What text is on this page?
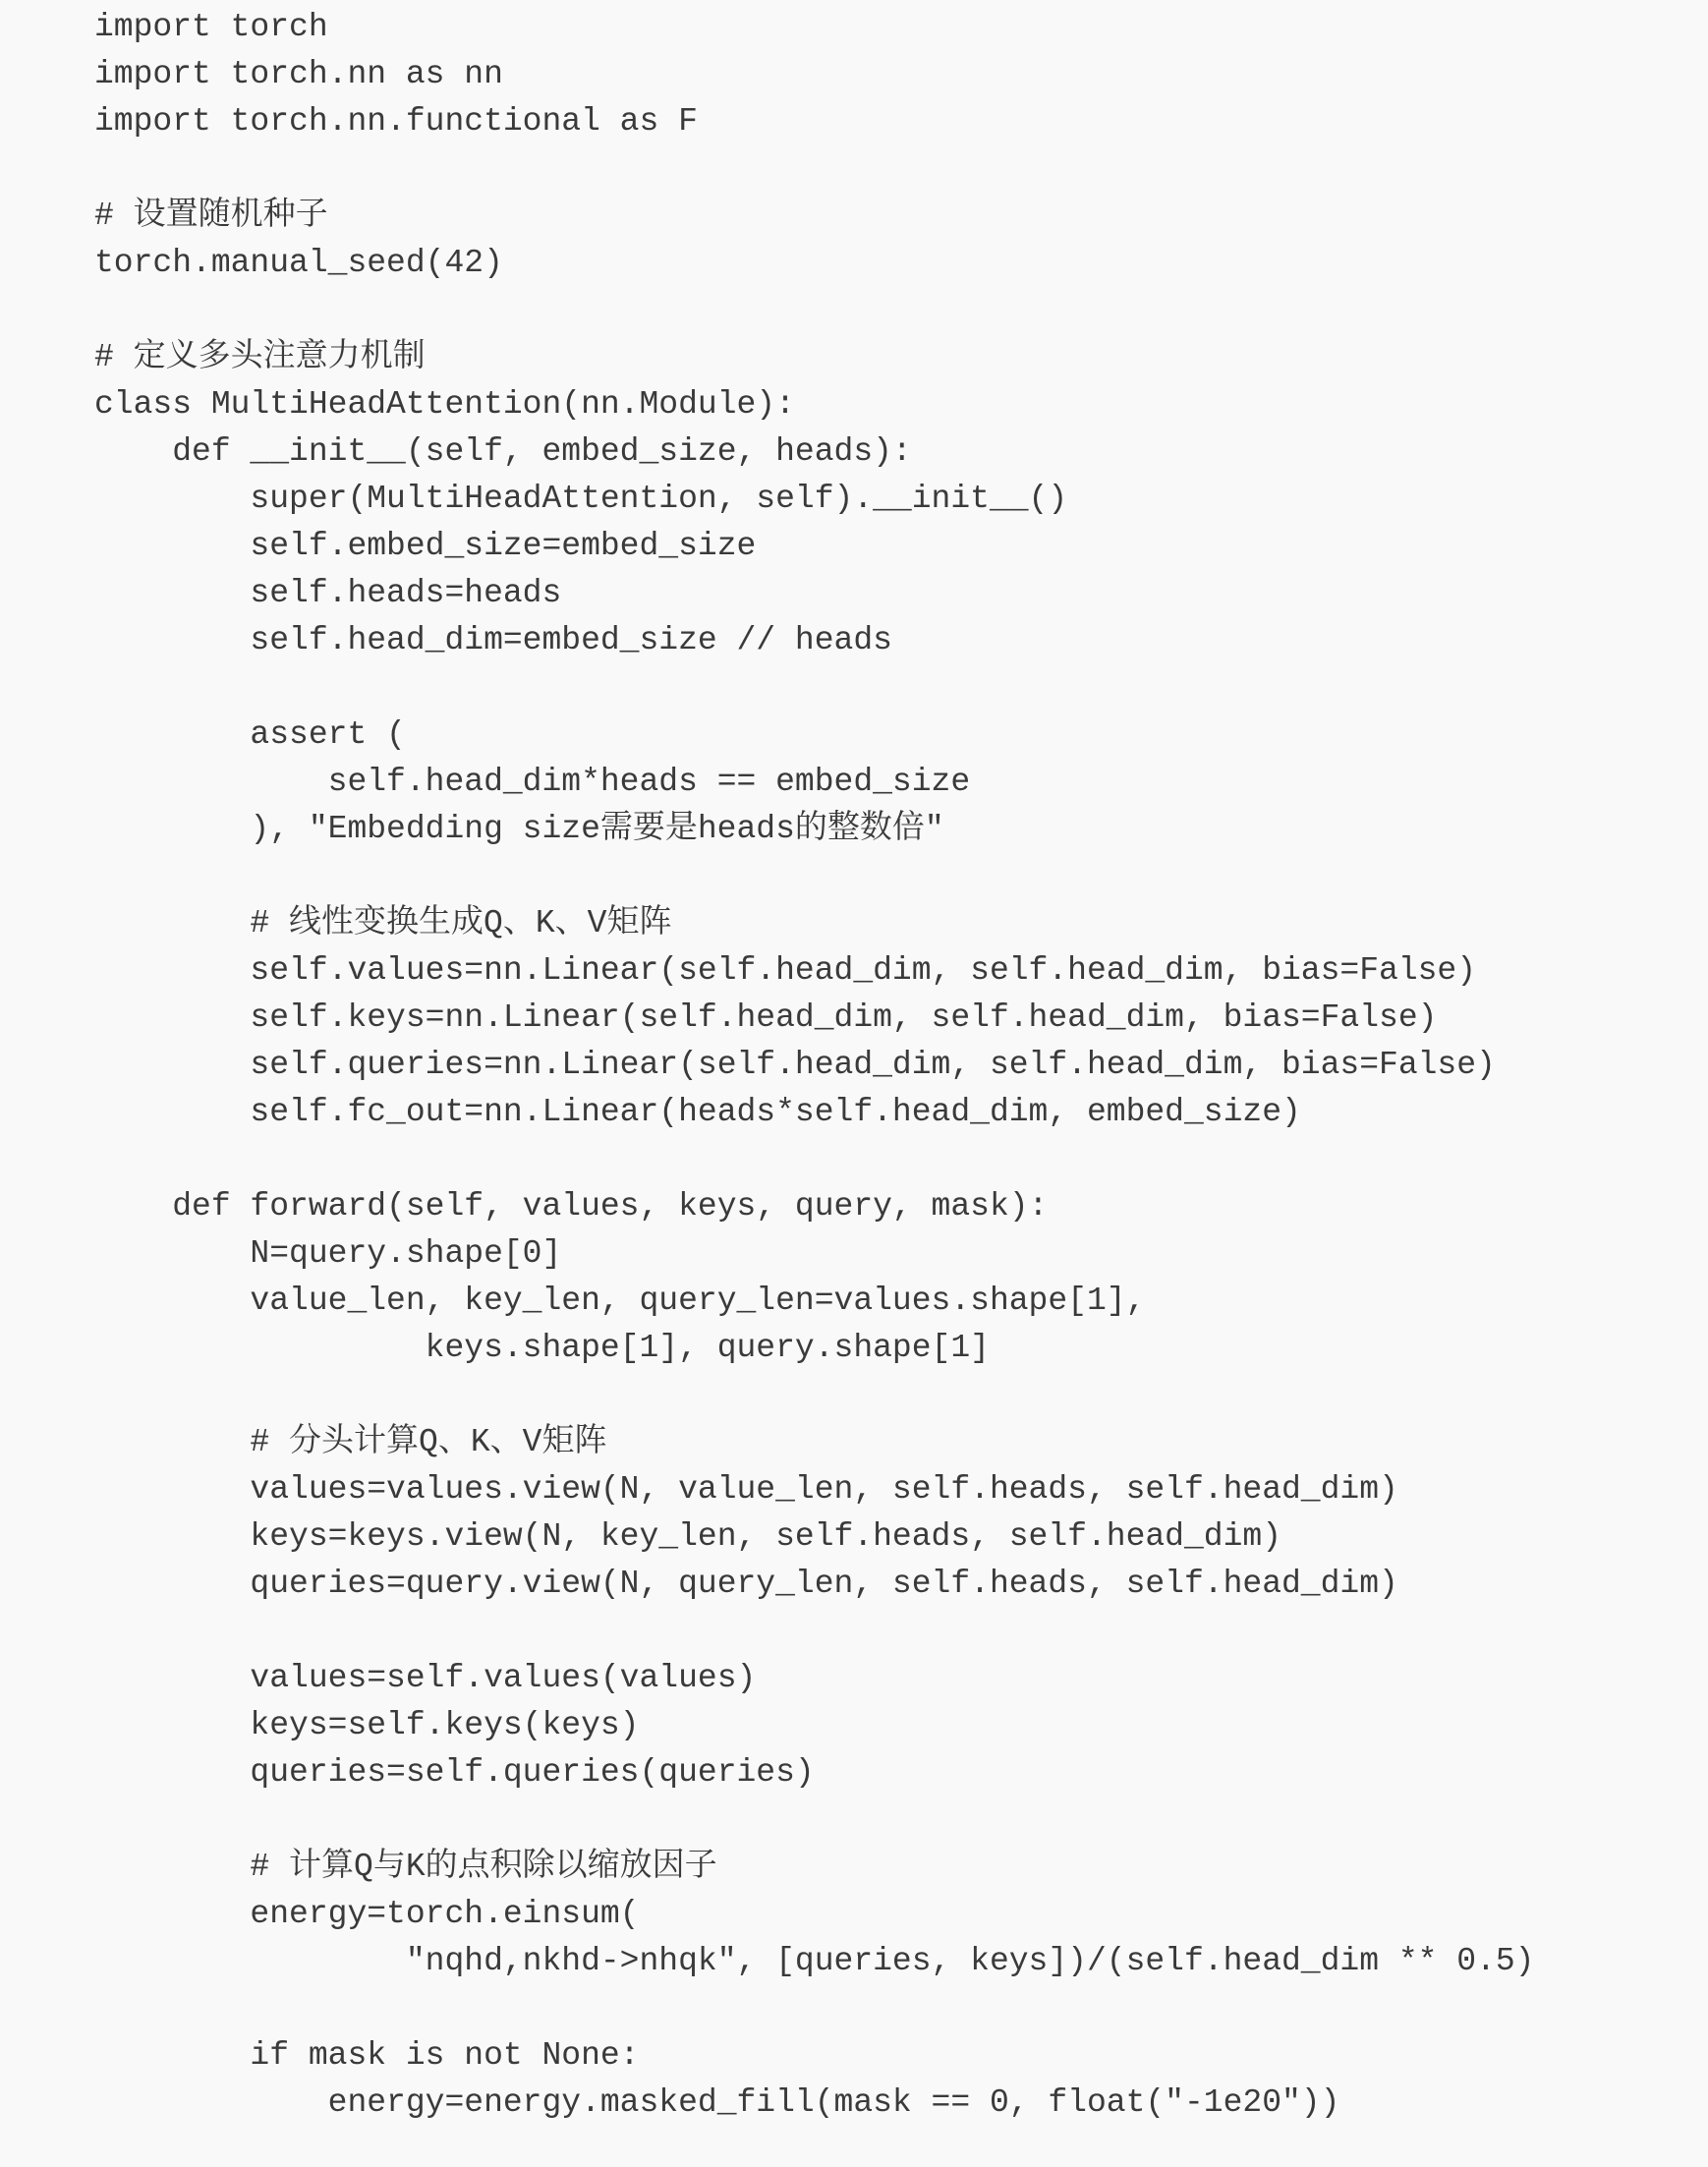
import torch
import torch.nn as nn
import torch.nn.functional as F
# 设置随机种子
torch.manual_seed(42)
# 定义多头注意力机制
class MultiHeadAttention(nn.Module):
def __init__(self, embed_size, heads):
super(MultiHeadAttention, self).__init__()
self.embed_size=embed_size
self.heads=heads
self.head_dim=embed_size // heads
assert (
self.head_dim*heads == embed_size
), "Embedding size需要是heads的整数倍"
# 线性变换生成Q、K、V矩阵
self.values=nn.Linear(self.head_dim, self.head_dim, bias=False)
self.keys=nn.Linear(self.head_dim, self.head_dim, bias=False)
self.queries=nn.Linear(self.head_dim, self.head_dim, bias=False)
self.fc_out=nn.Linear(heads*self.head_dim, embed_size)
def forward(self, values, keys, query, mask):
N=query.shape[0]
value_len, key_len, query_len=values.shape[1],
keys.shape[1], query.shape[1]
# 分头计算Q、K、V矩阵
values=values.view(N, value_len, self.heads, self.head_dim)
keys=keys.view(N, key_len, self.heads, self.head_dim)
queries=query.view(N, query_len, self.heads, self.head_dim)
values=self.values(values)
keys=self.keys(keys)
queries=self.queries(queries)
# 计算Q与K的点积除以缩放因子
energy=torch.einsum(
"nqhd,nkhd->nhqk", [queries, keys])/(self.head_dim ** 0.5)
if mask is not None:
energy=energy.masked_fill(mask == 0, float("-1e20"))
